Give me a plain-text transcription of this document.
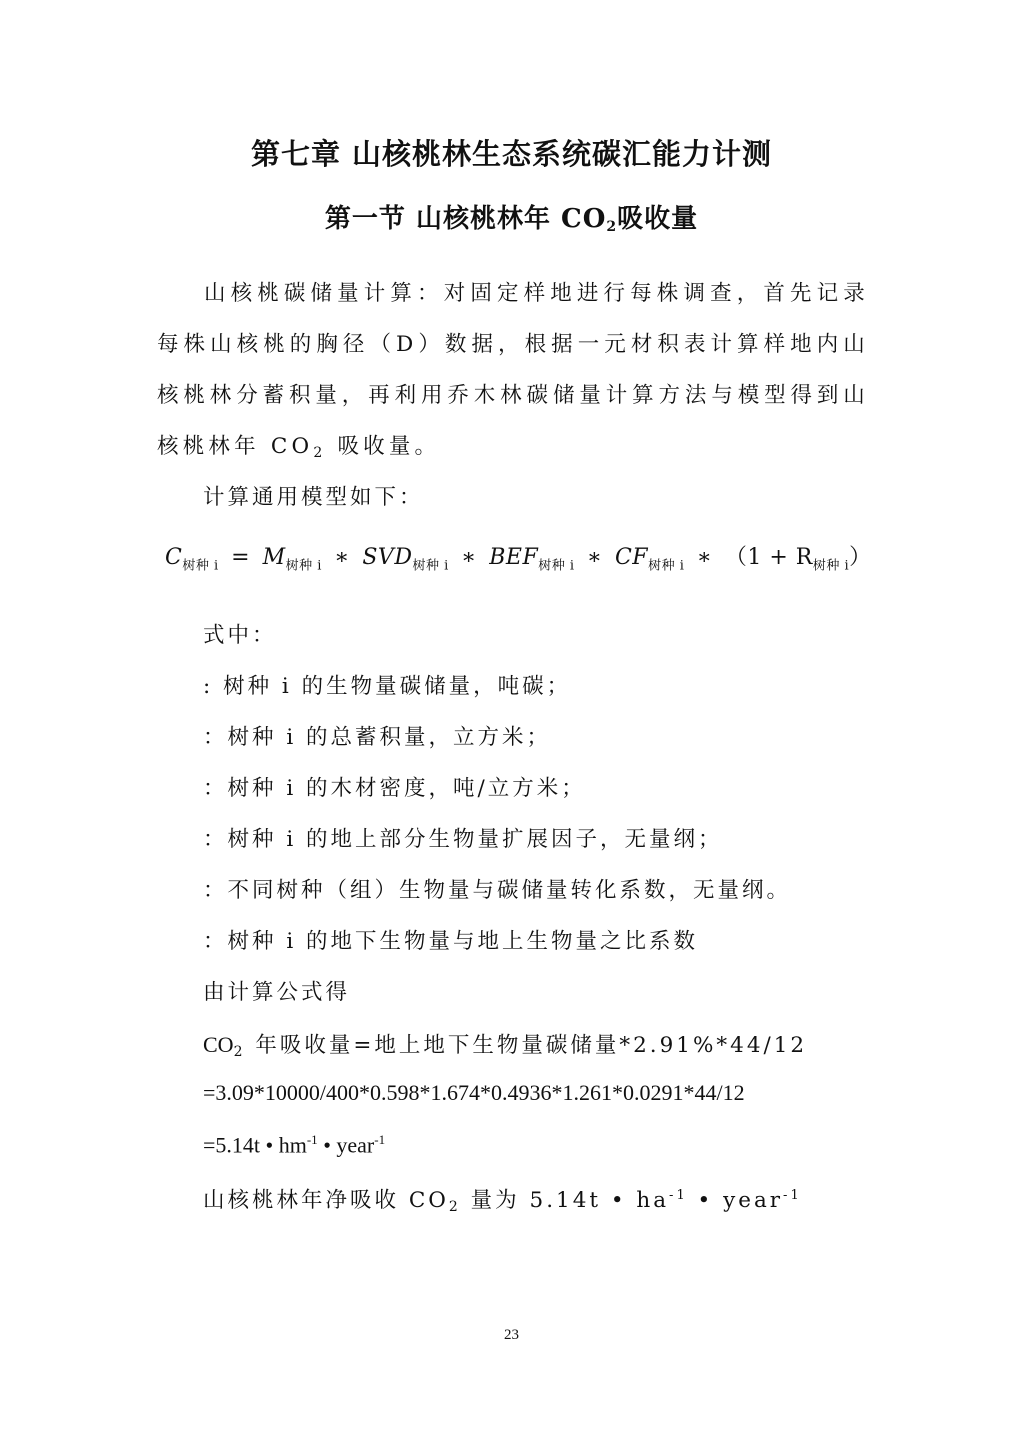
第七章 山核桃林生态系统碳汇能力计测
第一节 山核桃林年 $CO_2$吸收量
山核桃碳储量计算：对固定样地进行每株调查，首先记录每株山核桃的胸径（D）数据，根据一元材积表计算样地内山核桃林分蓄积量，再利用乔木林碳储量计算方法与模型得到山核桃林年 $CO_2$ 吸收量。
计算通用模型如下：
$C_{树种 i} = M_{树种 i}$ ∗ $SVD_{树种 i}$ ∗ $BEF_{树种 i}$ ∗ $CF_{树种 i}$ ∗ $(1 + R_{树种 i})$
式中：
: 树种 i 的生物量碳储量，吨碳；
：树种 i 的总蓄积量，立方米；
：树种 i 的木材密度，吨/立方米；
：树种 i 的地上部分生物量扩展因子，无量纲；
：不同树种（组）生物量与碳储量转化系数，无量纲。
：树种 i 的地下生物量与地上生物量之比系数
由计算公式得
$CO_2$ 年吸收量=地上地下生物量碳储量*2.91%*44/12
=3.09*10000/400*0.598*1.674*0.4936*1.261*0.0291*44/12
=5.14t • $hm^{-1}$ • year$^{-1}$
山核桃林年净吸收 $CO_2$ 量为 5.14t • $ha^{-1}$ • year$^{-1}$
23
